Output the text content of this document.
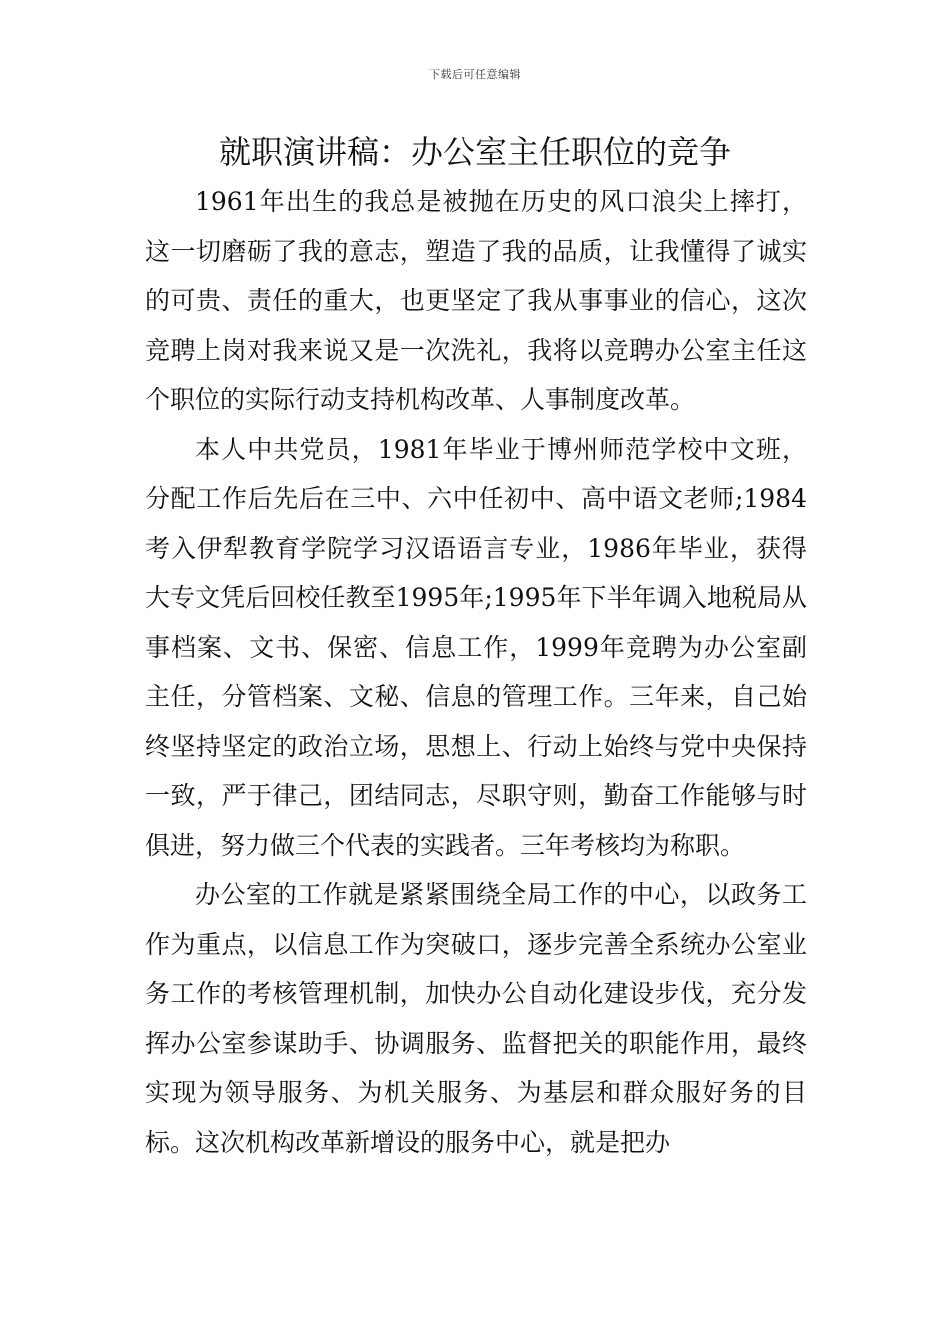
下载后可任意编辑
就职演讲稿：办公室主任职位的竞争

1961年出生的我总是被抛在历史的风口浪尖上摔打，这一切磨砺了我的意志，塑造了我的品质，让我懂得了诚实的可贵、责任的重大，也更坚定了我从事事业的信心，这次竞聘上岗对我来说又是一次洗礼，我将以竞聘办公室主任这个职位的实际行动支持机构改革、人事制度改革。

本人中共党员，1981年毕业于博州师范学校中文班，分配工作后先后在三中、六中任初中、高中语文老师;1984考入伊犁教育学院学习汉语语言专业，1986年毕业，获得大专文凭后回校任教至1995年;1995年下半年调入地税局从事档案、文书、保密、信息工作，1999年竞聘为办公室副主任，分管档案、文秘、信息的管理工作。三年来，自己始终坚持坚定的政治立场，思想上、行动上始终与党中央保持一致，严于律己，团结同志，尽职守则，勤奋工作能够与时俱进，努力做三个代表的实践者。三年考核均为称职。

办公室的工作就是紧紧围绕全局工作的中心，以政务工作为重点，以信息工作为突破口，逐步完善全系统办公室业务工作的考核管理机制，加快办公自动化建设步伐，充分发挥办公室参谋助手、协调服务、监督把关的职能作用，最终实现为领导服务、为机关服务、为基层和群众服好务的目标。这次机构改革新增设的服务中心，就是把办
